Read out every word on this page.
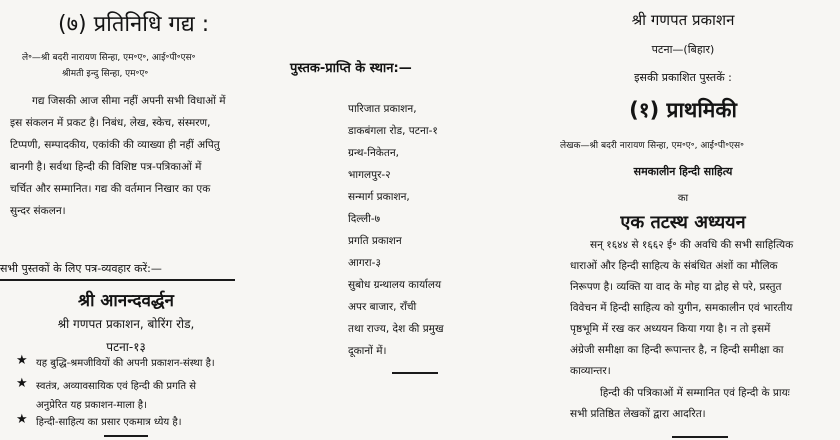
(७) प्रतिनिधि गद्य :
ले॰—श्री बदरी नारायण सिन्हा, एम॰ए॰, आई॰पी॰एस॰
श्रीमती इन्दु सिन्हा, एम॰ए॰
गद्य जिसकी आज सीमा नहीं अपनी सभी विधाओं में
इस संकलन में प्रकट है। निबंध, लेख, स्केच, संस्मरण,
टिप्पणी, सम्पादकीय, एकांकी की व्याख्या ही नहीं अपितु
बानगी है। सर्वथा हिन्दी की विशिष्ट पत्र-पत्रिकाओं में
चर्चित और सम्मानित। गद्य की वर्तमान निखार का एक
सुन्दर संकलन।
सभी पुस्तकों के लिए पत्र-व्यवहार करें:—
श्री आनन्दवर्द्धन
श्री गणपत प्रकाशन, बोरिंग रोड,
पटना-१३
★ यह बुद्धि-श्रमजीवियों की अपनी प्रकाशन-संस्था है।
★ स्वतंत्र, अव्यावसायिक एवं हिन्दी की प्रगति से
अनुप्रेरित यह प्रकाशन-माला है।
★ हिन्दी-साहित्य का प्रसार एकमात्र ध्येय है।
पुस्तक-प्राप्ति के स्थान:—
पारिजात प्रकाशन,
डाकबंगला रोड, पटना-१
ग्रन्थ-निकेतन,
भागलपुर-२
सन्मार्ग प्रकाशन,
दिल्ली-७
प्रगति प्रकाशन
आगरा-३
सुबोध ग्रन्थालय कार्यालय
अपर बाजार, राँची
तथा राज्य, देश की प्रमुख
दूकानों में।
श्री गणपत प्रकाशन
पटना—(बिहार)
इसकी प्रकाशित पुस्तकें :
(१) प्राथमिकी
लेखक—श्री बदरी नारायण सिन्हा, एम॰ए॰, आई॰पी॰एस॰
समकालीन हिन्दी साहित्य
का
एक तटस्थ अध्ययन
सन् १६४४ से १६६२ ई॰ की अवधि की सभी साहित्यिक
धाराओं और हिन्दी साहित्य के संबंधित अंशों का मौलिक
निरूपण है। व्यक्ति या वाद के मोह या द्रोह से परे, प्रस्तुत
विवेचन में हिन्दी साहित्य को युगीन, समकालीन एवं भारतीय
पृष्ठभूमि में रख कर अध्ययन किया गया है। न तो इसमें
अंग्रेजी समीक्षा का हिन्दी रूपान्तर है, न हिन्दी समीक्षा का
काव्यान्तर।
हिन्दी की पत्रिकाओं में सम्मानित एवं हिन्दी के प्रायः
सभी प्रतिष्ठित लेखकों द्वारा आदरित।
